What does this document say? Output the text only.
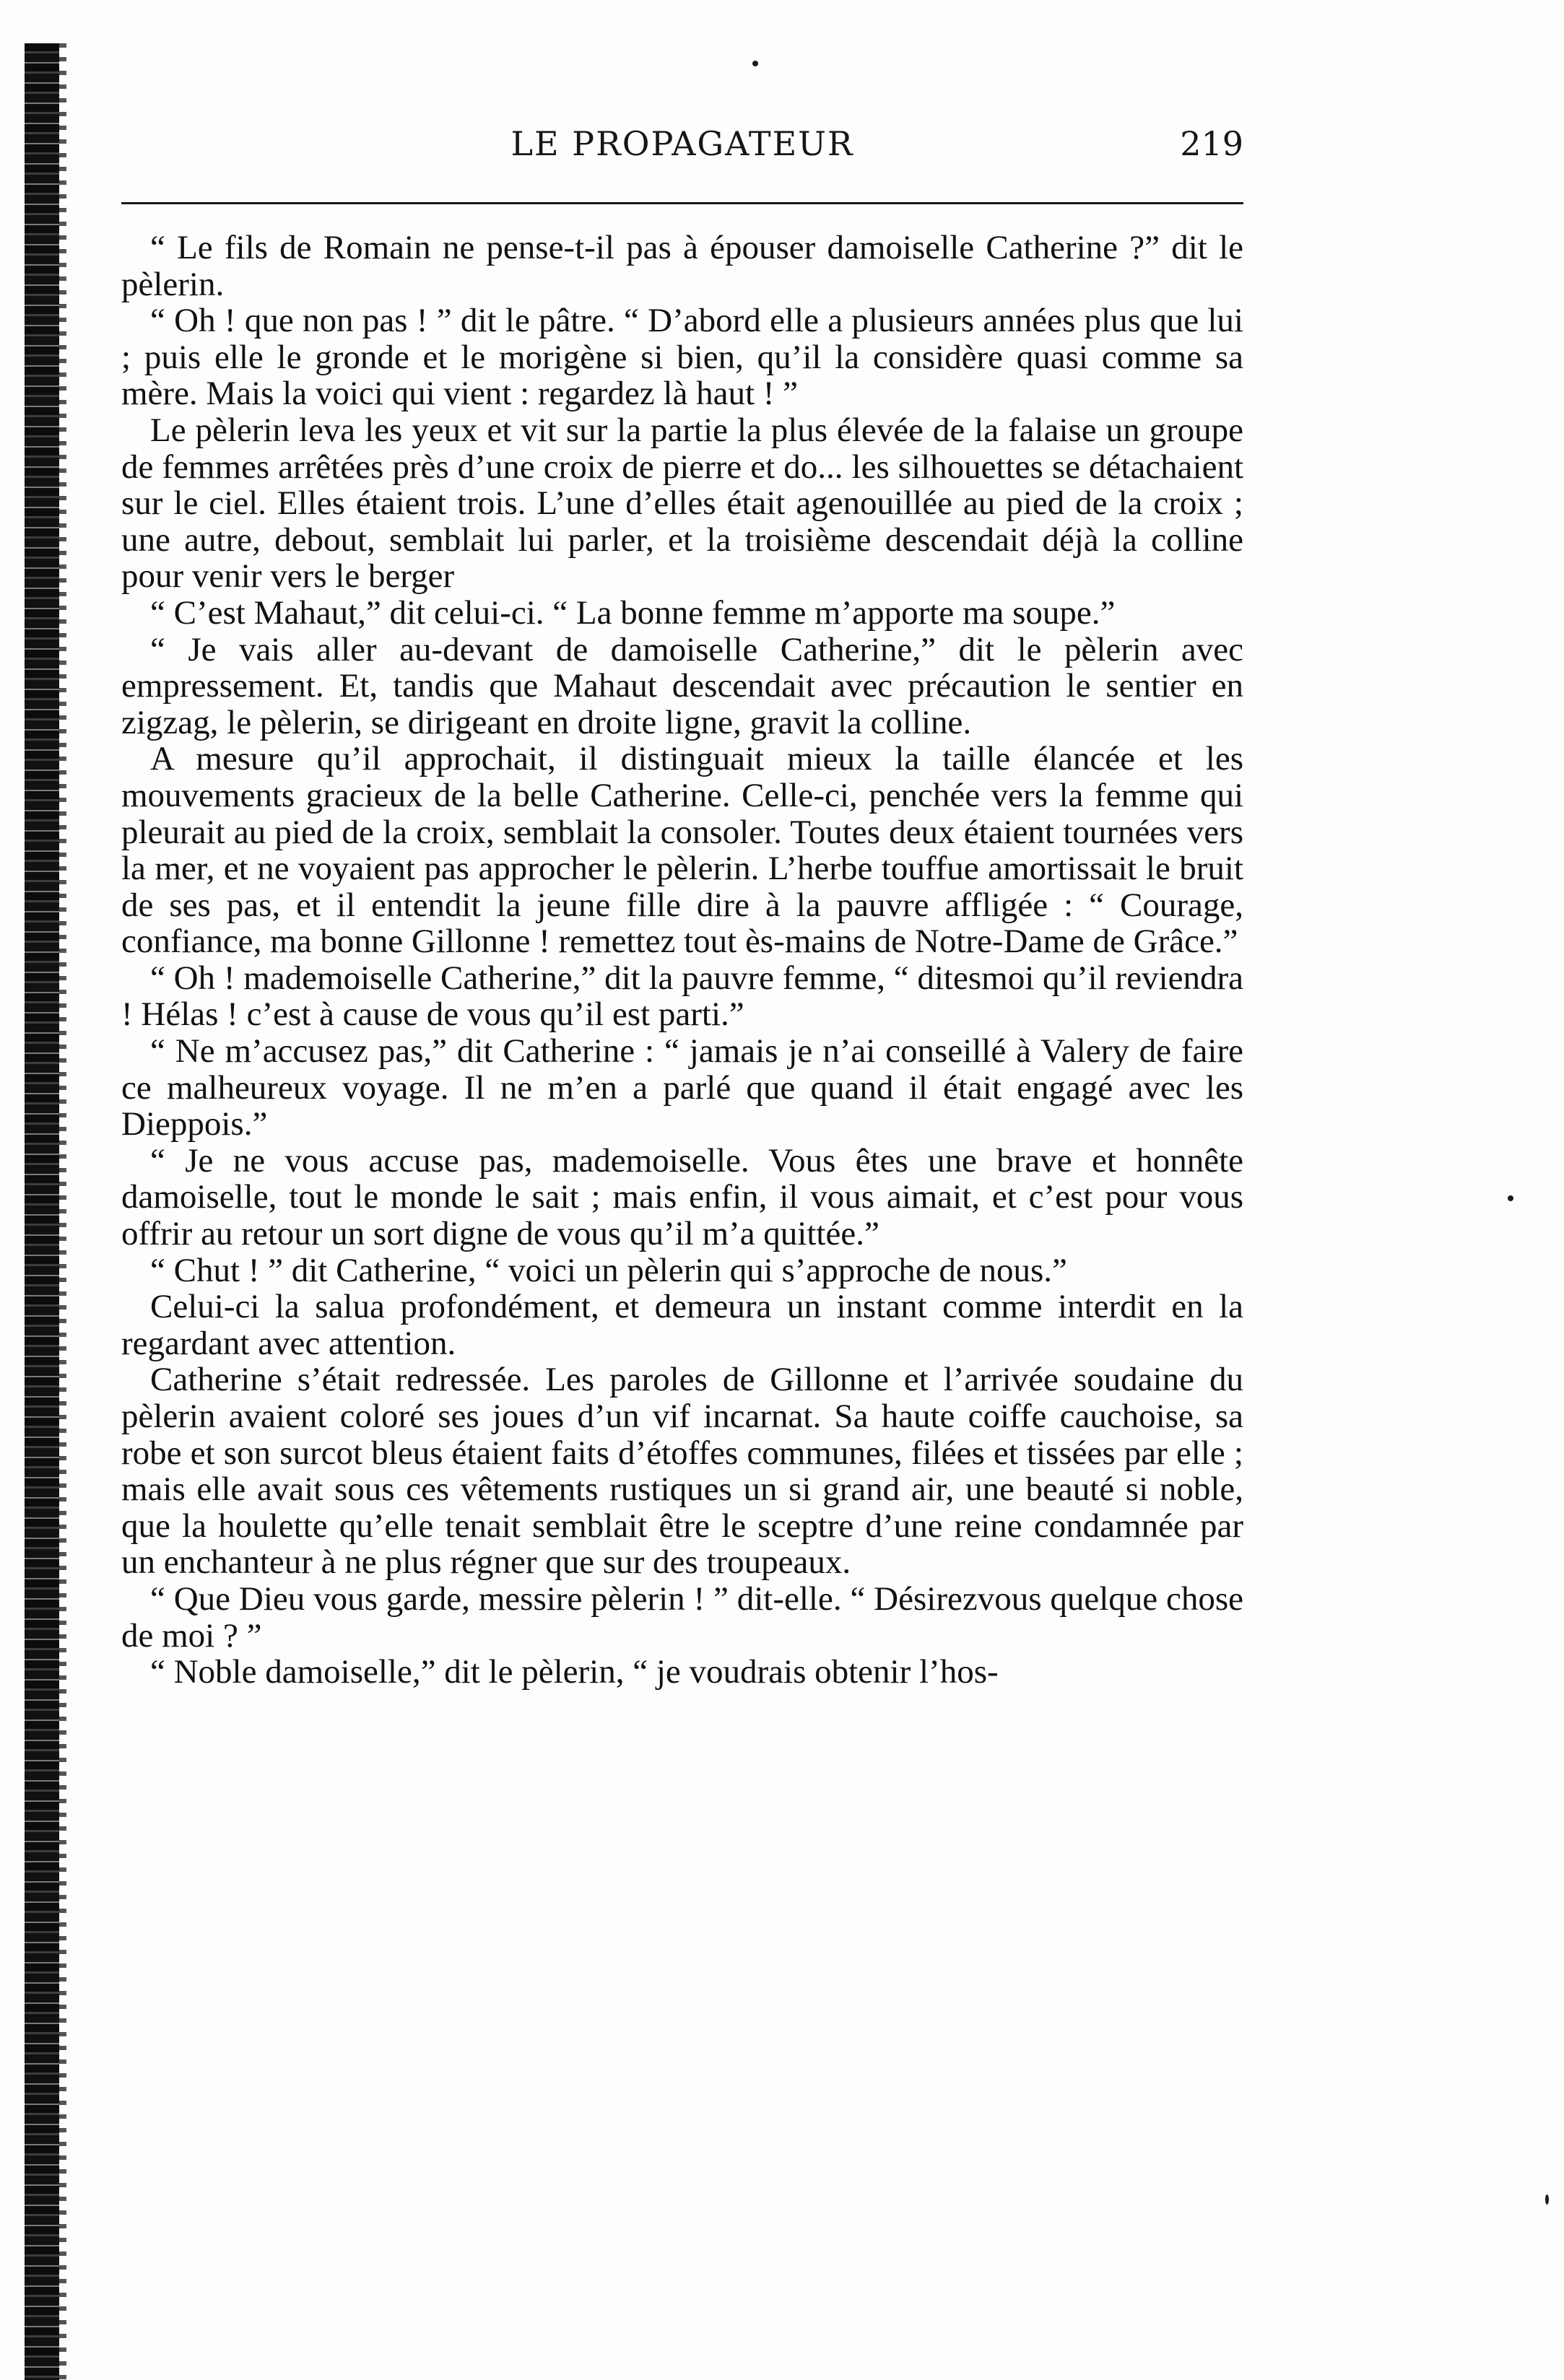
LE PROPAGATEUR	219

“ Le fils de Romain ne pense-t-il pas à épouser damoiselle Catherine ?” dit le pèlerin.

“ Oh ! que non pas ! ” dit le pâtre. “ D’abord elle a plusieurs années plus que lui ; puis elle le gronde et le morigène si bien, qu’il la considère quasi comme sa mère. Mais la voici qui vient : regardez là haut ! ”

Le pèlerin leva les yeux et vit sur la partie la plus élevée de la falaise un groupe de femmes arrêtées près d’une croix de pierre et do... les silhouettes se détachaient sur le ciel. Elles étaient trois. L’une d’elles était agenouillée au pied de la croix ; une autre, debout, semblait lui parler, et la troisième descendait déjà la colline pour venir vers le berger

“ C’est Mahaut,” dit celui-ci. “ La bonne femme m’apporte ma soupe.”

“ Je vais aller au-devant de damoiselle Catherine,” dit le pèlerin avec empressement. Et, tandis que Mahaut descendait avec précaution le sentier en zigzag, le pèlerin, se dirigeant en droite ligne, gravit la colline.

A mesure qu’il approchait, il distinguait mieux la taille élancée et les mouvements gracieux de la belle Catherine. Celle-ci, penchée vers la femme qui pleurait au pied de la croix, semblait la consoler. Toutes deux étaient tournées vers la mer, et ne voyaient pas approcher le pèlerin. L’herbe touffue amortissait le bruit de ses pas, et il entendit la jeune fille dire à la pauvre affligée : “ Courage, confiance, ma bonne Gillonne ! remettez tout ès-mains de Notre-Dame de Grâce.”

“ Oh ! mademoiselle Catherine,” dit la pauvre femme, “ ditesmoi qu’il reviendra ! Hélas ! c’est à cause de vous qu’il est parti.”

“ Ne m’accusez pas,” dit Catherine : “ jamais je n’ai conseillé à Valery de faire ce malheureux voyage. Il ne m’en a parlé que quand il était engagé avec les Dieppois.”

“ Je ne vous accuse pas, mademoiselle. Vous êtes une brave et honnête damoiselle, tout le monde le sait ; mais enfin, il vous aimait, et c’est pour vous offrir au retour un sort digne de vous qu’il m’a quittée.”

“ Chut ! ” dit Catherine, “ voici un pèlerin qui s’approche de nous.”

Celui-ci la salua profondément, et demeura un instant comme interdit en la regardant avec attention.

Catherine s’était redressée. Les paroles de Gillonne et l’arrivée soudaine du pèlerin avaient coloré ses joues d’un vif incarnat. Sa haute coiffe cauchoise, sa robe et son surcot bleus étaient faits d’étoffes communes, filées et tissées par elle ; mais elle avait sous ces vêtements rustiques un si grand air, une beauté si noble, que la houlette qu’elle tenait semblait être le sceptre d’une reine condamnée par un enchanteur à ne plus régner que sur des troupeaux.

“ Que Dieu vous garde, messire pèlerin ! ” dit-elle. “ Désirezvous quelque chose de moi ? ”

“ Noble damoiselle,” dit le pèlerin, “ je voudrais obtenir l’hos-
